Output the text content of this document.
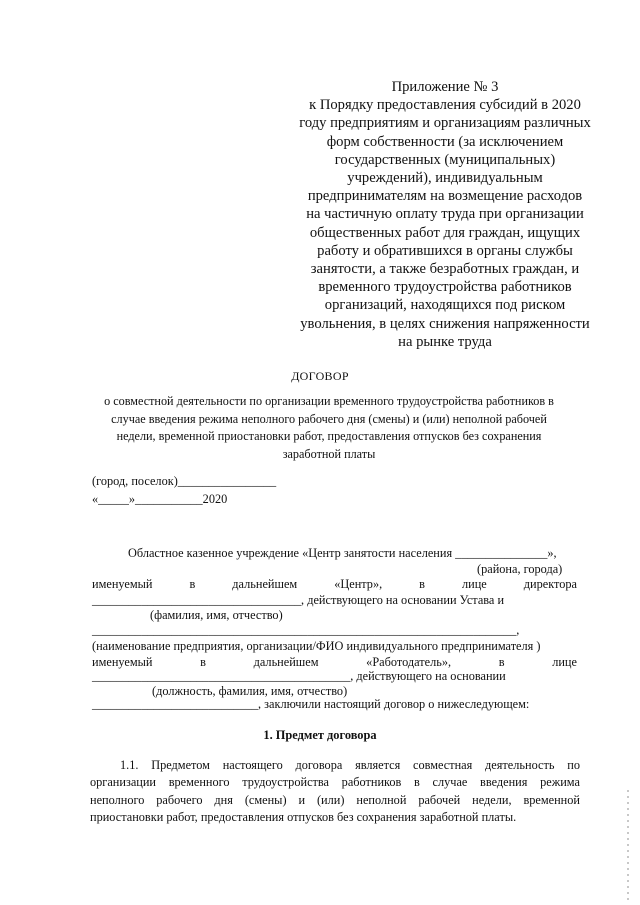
Приложение № 3
к Порядку предоставления субсидий в 2020
году предприятиям и организациям различных
форм собственности (за исключением
государственных (муниципальных)
учреждений), индивидуальным
предпринимателям на возмещение расходов
на частичную оплату труда при организации
общественных работ для граждан, ищущих
работу и обратившихся в органы службы
занятости, а также безработных граждан, и
временного трудоустройства работников
организаций, находящихся под риском
увольнения, в целях снижения напряженности
на рынке труда
ДОГОВОР
о совместной деятельности по организации временного трудоустройства работников в
случае введения режима неполного рабочего дня (смены) и (или) неполной рабочей
недели, временной приостановки работ, предоставления отпусков без сохранения
заработной платы
(город, поселок)________________
«_____»___________2020
Областное казенное учреждение «Центр занятости населения _______________»,
(района, города)
именуемый	в	дальнейшем	«Центр»,	в	лице	директора
__________________________________, действующего на основании Устава и
(фамилия, имя, отчество)
_____________________________________________________________________,
(наименование предприятия, организации/ФИО индивидуального предпринимателя )
именуемый	в	дальнейшем	«Работодатель»,	в	лице
__________________________________________, действующего на основании
(должность, фамилия, имя, отчество)
___________________________, заключили настоящий договор о нижеследующем:
1. Предмет договора
1.1. Предметом настоящего договора является совместная деятельность по
организации временного трудоустройства работников в случае введения режима
неполного рабочего дня (смены) и (или) неполной рабочей недели, временной
приостановки работ, предоставления отпусков без сохранения заработной платы.
